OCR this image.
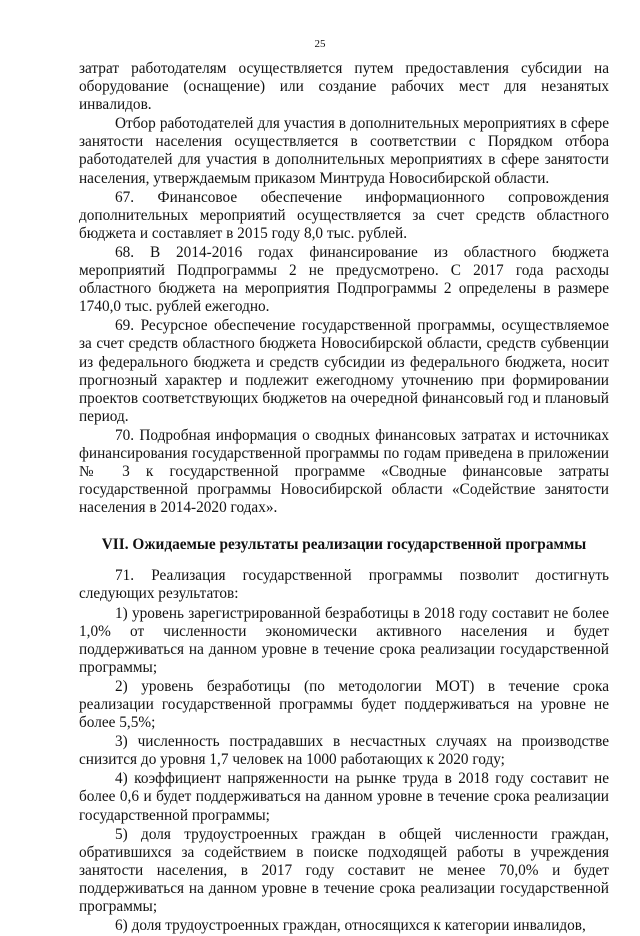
25

затрат работодателям осуществляется путем предоставления субсидии на оборудование (оснащение) или создание рабочих мест для незанятых инвалидов.

Отбор работодателей для участия в дополнительных мероприятиях в сфере занятости населения осуществляется в соответствии с Порядком отбора работодателей для участия в дополнительных мероприятиях в сфере занятости населения, утверждаемым приказом Минтруда Новосибирской области.

67. Финансовое обеспечение информационного сопровождения дополнительных мероприятий осуществляется за счет средств областного бюджета и составляет в 2015 году 8,0 тыс. рублей.

68. В 2014-2016 годах финансирование из областного бюджета мероприятий Подпрограммы 2 не предусмотрено. С 2017 года расходы областного бюджета на мероприятия Подпрограммы 2 определены в размере 1740,0 тыс. рублей ежегодно.

69. Ресурсное обеспечение государственной программы, осуществляемое за счет средств областного бюджета Новосибирской области, средств субвенции из федерального бюджета и средств субсидии из федерального бюджета, носит прогнозный характер и подлежит ежегодному уточнению при формировании проектов соответствующих бюджетов на очередной финансовый год и плановый период.

70. Подробная информация о сводных финансовых затратах и источниках финансирования государственной программы по годам приведена в приложении № 3 к государственной программе «Сводные финансовые затраты государственной программы Новосибирской области «Содействие занятости населения в 2014-2020 годах».

VII. Ожидаемые результаты реализации государственной программы

71. Реализация государственной программы позволит достигнуть следующих результатов:

1) уровень зарегистрированной безработицы в 2018 году составит не более 1,0% от численности экономически активного населения и будет поддерживаться на данном уровне в течение срока реализации государственной программы;

2) уровень безработицы (по методологии МОТ) в течение срока реализации государственной программы будет поддерживаться на уровне не более 5,5%;

3) численность пострадавших в несчастных случаях на производстве снизится до уровня 1,7 человек на 1000 работающих к 2020 году;

4) коэффициент напряженности на рынке труда в 2018 году составит не более 0,6 и будет поддерживаться на данном уровне в течение срока реализации государственной программы;

5) доля трудоустроенных граждан в общей численности граждан, обратившихся за содействием в поиске подходящей работы в учреждения занятости населения, в 2017 году составит не менее 70,0% и будет поддерживаться на данном уровне в течение срока реализации государственной программы;

6) доля трудоустроенных граждан, относящихся к категории инвалидов,
